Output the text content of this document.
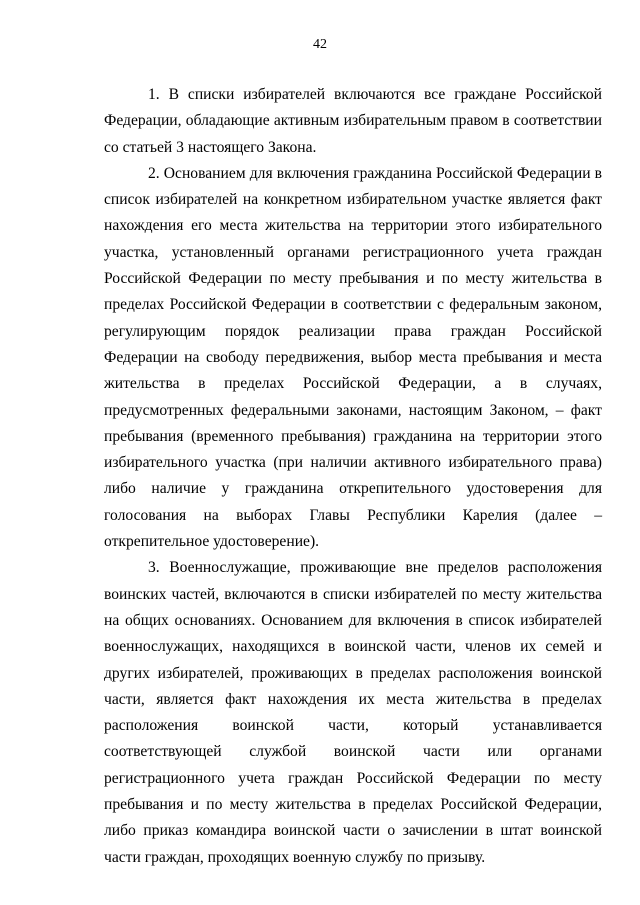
42

1. В списки избирателей включаются все граждане Российской Федерации, обладающие активным избирательным правом в соответствии со статьей 3 настоящего Закона.

2. Основанием для включения гражданина Российской Федерации в список избирателей на конкретном избирательном участке является факт нахождения его места жительства на территории этого избирательного участка, установленный органами регистрационного учета граждан Российской Федерации по месту пребывания и по месту жительства в пределах Российской Федерации в соответствии с федеральным законом, регулирующим порядок реализации права граждан Российской Федерации на свободу передвижения, выбор места пребывания и места жительства в пределах Российской Федерации, а в случаях, предусмотренных федеральными законами, настоящим Законом, – факт пребывания (временного пребывания) гражданина на территории этого избирательного участка (при наличии активного избирательного права) либо наличие у гражданина открепительного удостоверения для голосования на выборах Главы Республики Карелия (далее – открепительное удостоверение).

3. Военнослужащие, проживающие вне пределов расположения воинских частей, включаются в списки избирателей по месту жительства на общих основаниях. Основанием для включения в список избирателей военнослужащих, находящихся в воинской части, членов их семей и других избирателей, проживающих в пределах расположения воинской части, является факт нахождения их места жительства в пределах расположения воинской части, который устанавливается соответствующей службой воинской части или органами регистрационного учета граждан Российской Федерации по месту пребывания и по месту жительства в пределах Российской Федерации, либо приказ командира воинской части о зачислении в штат воинской части граждан, проходящих военную службу по призыву.
